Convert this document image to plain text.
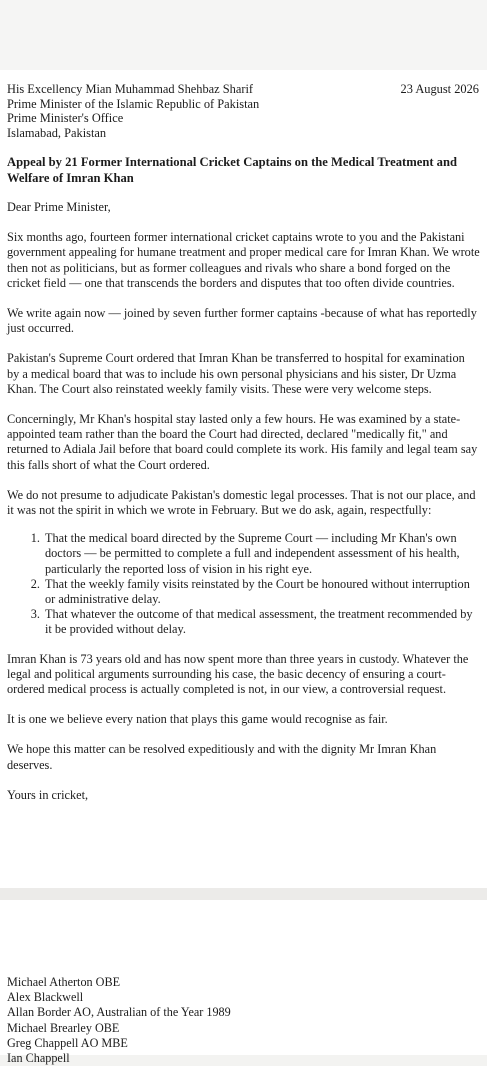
His Excellency Mian Muhammad Shehbaz Sharif
Prime Minister of the Islamic Republic of Pakistan
Prime Minister's Office
Islamabad, Pakistan
23 August 2026

Appeal by 21 Former International Cricket Captains on the Medical Treatment and Welfare of Imran Khan

Dear Prime Minister,

Six months ago, fourteen former international cricket captains wrote to you and the Pakistani government appealing for humane treatment and proper medical care for Imran Khan. We wrote then not as politicians, but as former colleagues and rivals who share a bond forged on the cricket field — one that transcends the borders and disputes that too often divide countries.

We write again now — joined by seven further former captains -because of what has reportedly just occurred.

Pakistan's Supreme Court ordered that Imran Khan be transferred to hospital for examination by a medical board that was to include his own personal physicians and his sister, Dr Uzma Khan. The Court also reinstated weekly family visits. These were very welcome steps.

Concerningly, Mr Khan's hospital stay lasted only a few hours. He was examined by a state-appointed team rather than the board the Court had directed, declared "medically fit," and returned to Adiala Jail before that board could complete its work. His family and legal team say this falls short of what the Court ordered.

We do not presume to adjudicate Pakistan's domestic legal processes. That is not our place, and it was not the spirit in which we wrote in February. But we do ask, again, respectfully:

1. That the medical board directed by the Supreme Court — including Mr Khan's own doctors — be permitted to complete a full and independent assessment of his health, particularly the reported loss of vision in his right eye.
2. That the weekly family visits reinstated by the Court be honoured without interruption or administrative delay.
3. That whatever the outcome of that medical assessment, the treatment recommended by it be provided without delay.

Imran Khan is 73 years old and has now spent more than three years in custody. Whatever the legal and political arguments surrounding his case, the basic decency of ensuring a court-ordered medical process is actually completed is not, in our view, a controversial request.

It is one we believe every nation that plays this game would recognise as fair.

We hope this matter can be resolved expeditiously and with the dignity Mr Imran Khan deserves.

Yours in cricket,

Michael Atherton OBE
Alex Blackwell
Allan Border AO, Australian of the Year 1989
Michael Brearley OBE
Greg Chappell AO MBE
Ian Chappell
